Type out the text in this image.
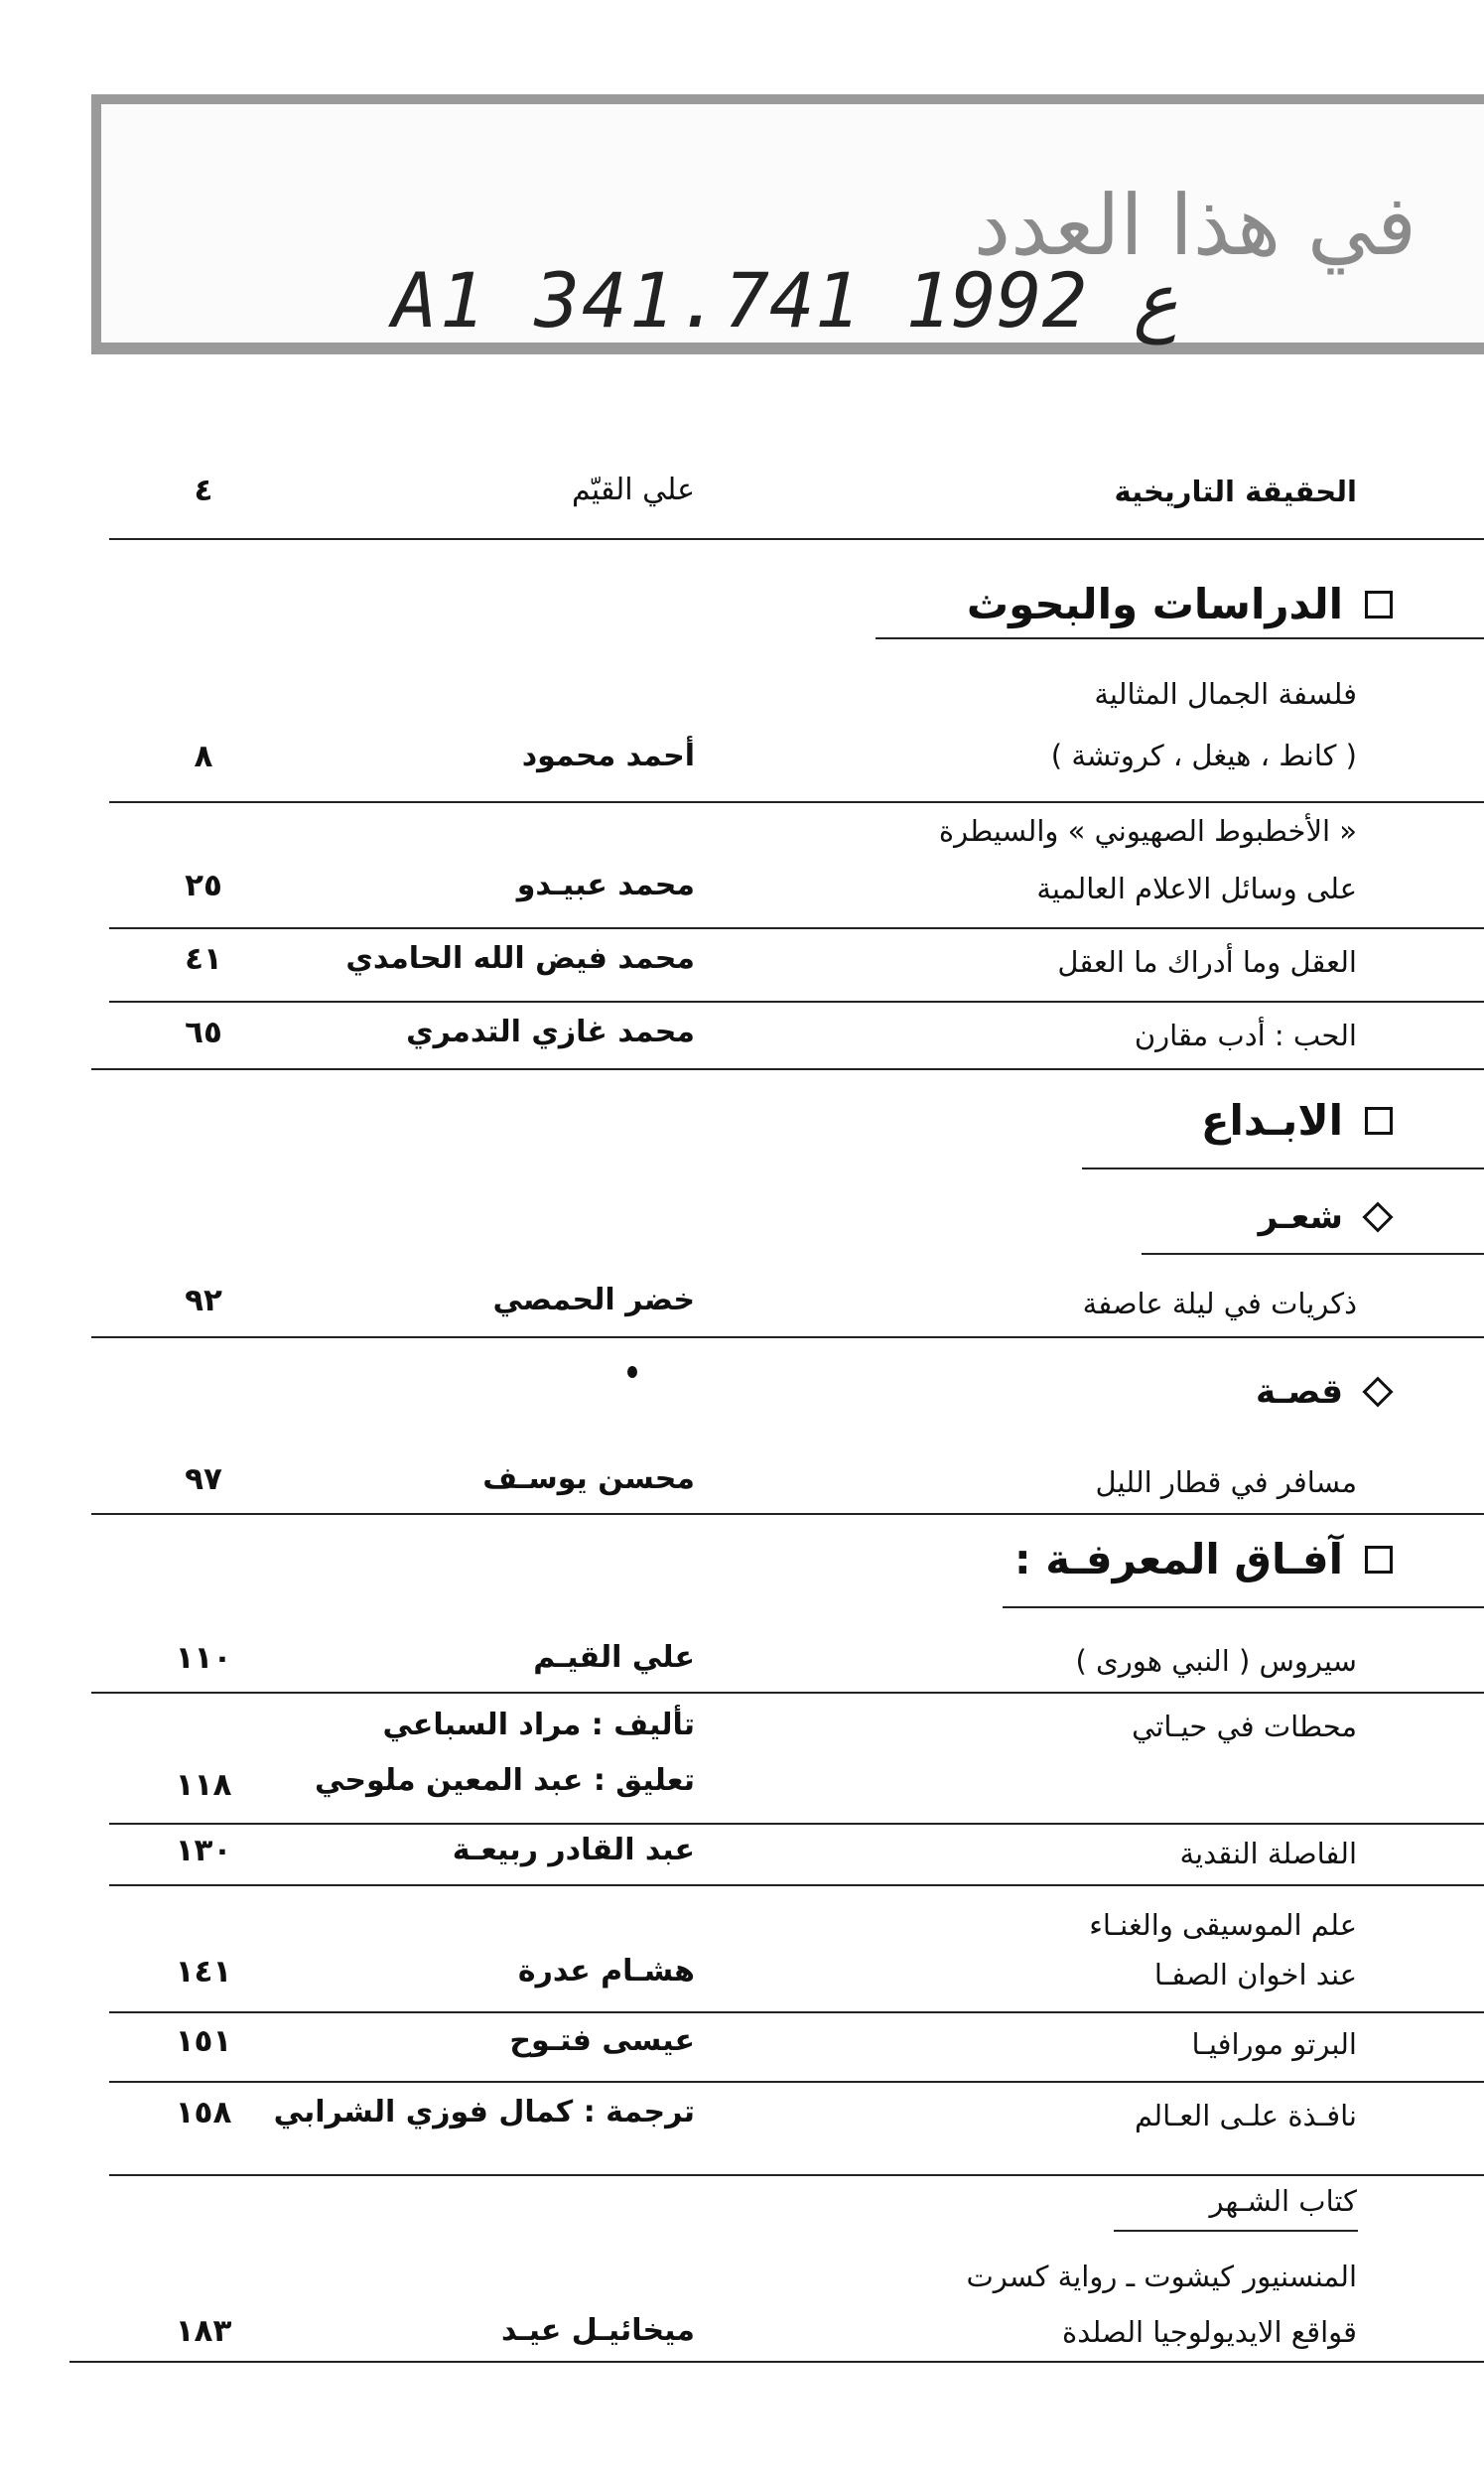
في هذا العدد
A1 341.ع 1992 741
الحقيقة التاريخية
علي القيّم
٤
الدراسات والبحوث
فلسفة الجمال المثالية
( كانط ، هيغل ، كروتشة )
أحمد محمود
٨
« الأخطبوط الصهيوني » والسيطرة
على وسائل الاعلام العالمية
محمد عبيـدو
٢٥
العقل وما أدراك ما العقل
محمد فيض الله الحامدي
٤١
الحب : أدب مقارن
محمد غازي التدمري
٦٥
الابـداع
شعـر
ذكريات في ليلة عاصفة
خضر الحمصي
٩٢
قصـة
مسافر في قطار الليل
محسن يوسـف
٩٧
آفـاق المعرفـة :
سيروس ( النبي هورى )
علي القيـم
١١٠
محطات في حيـاتي
تأليف : مراد السباعي
تعليق : عبد المعين ملوحي
١١٨
الفاصلة النقدية
عبد القادر ربيعـة
١٣٠
علم الموسيقى والغنـاء
عند اخوان الصفـا
هشـام عدرة
١٤١
البرتو مورافيـا
عيسى فتـوح
١٥١
نافـذة علـى العـالم
ترجمة : كمال فوزي الشرابي
١٥٨
كتاب الشـهر
المنسنيور كيشوت ـ رواية كسرت
قواقع الايديولوجيا الصلدة
ميخائيـل عيـد
١٨٣
